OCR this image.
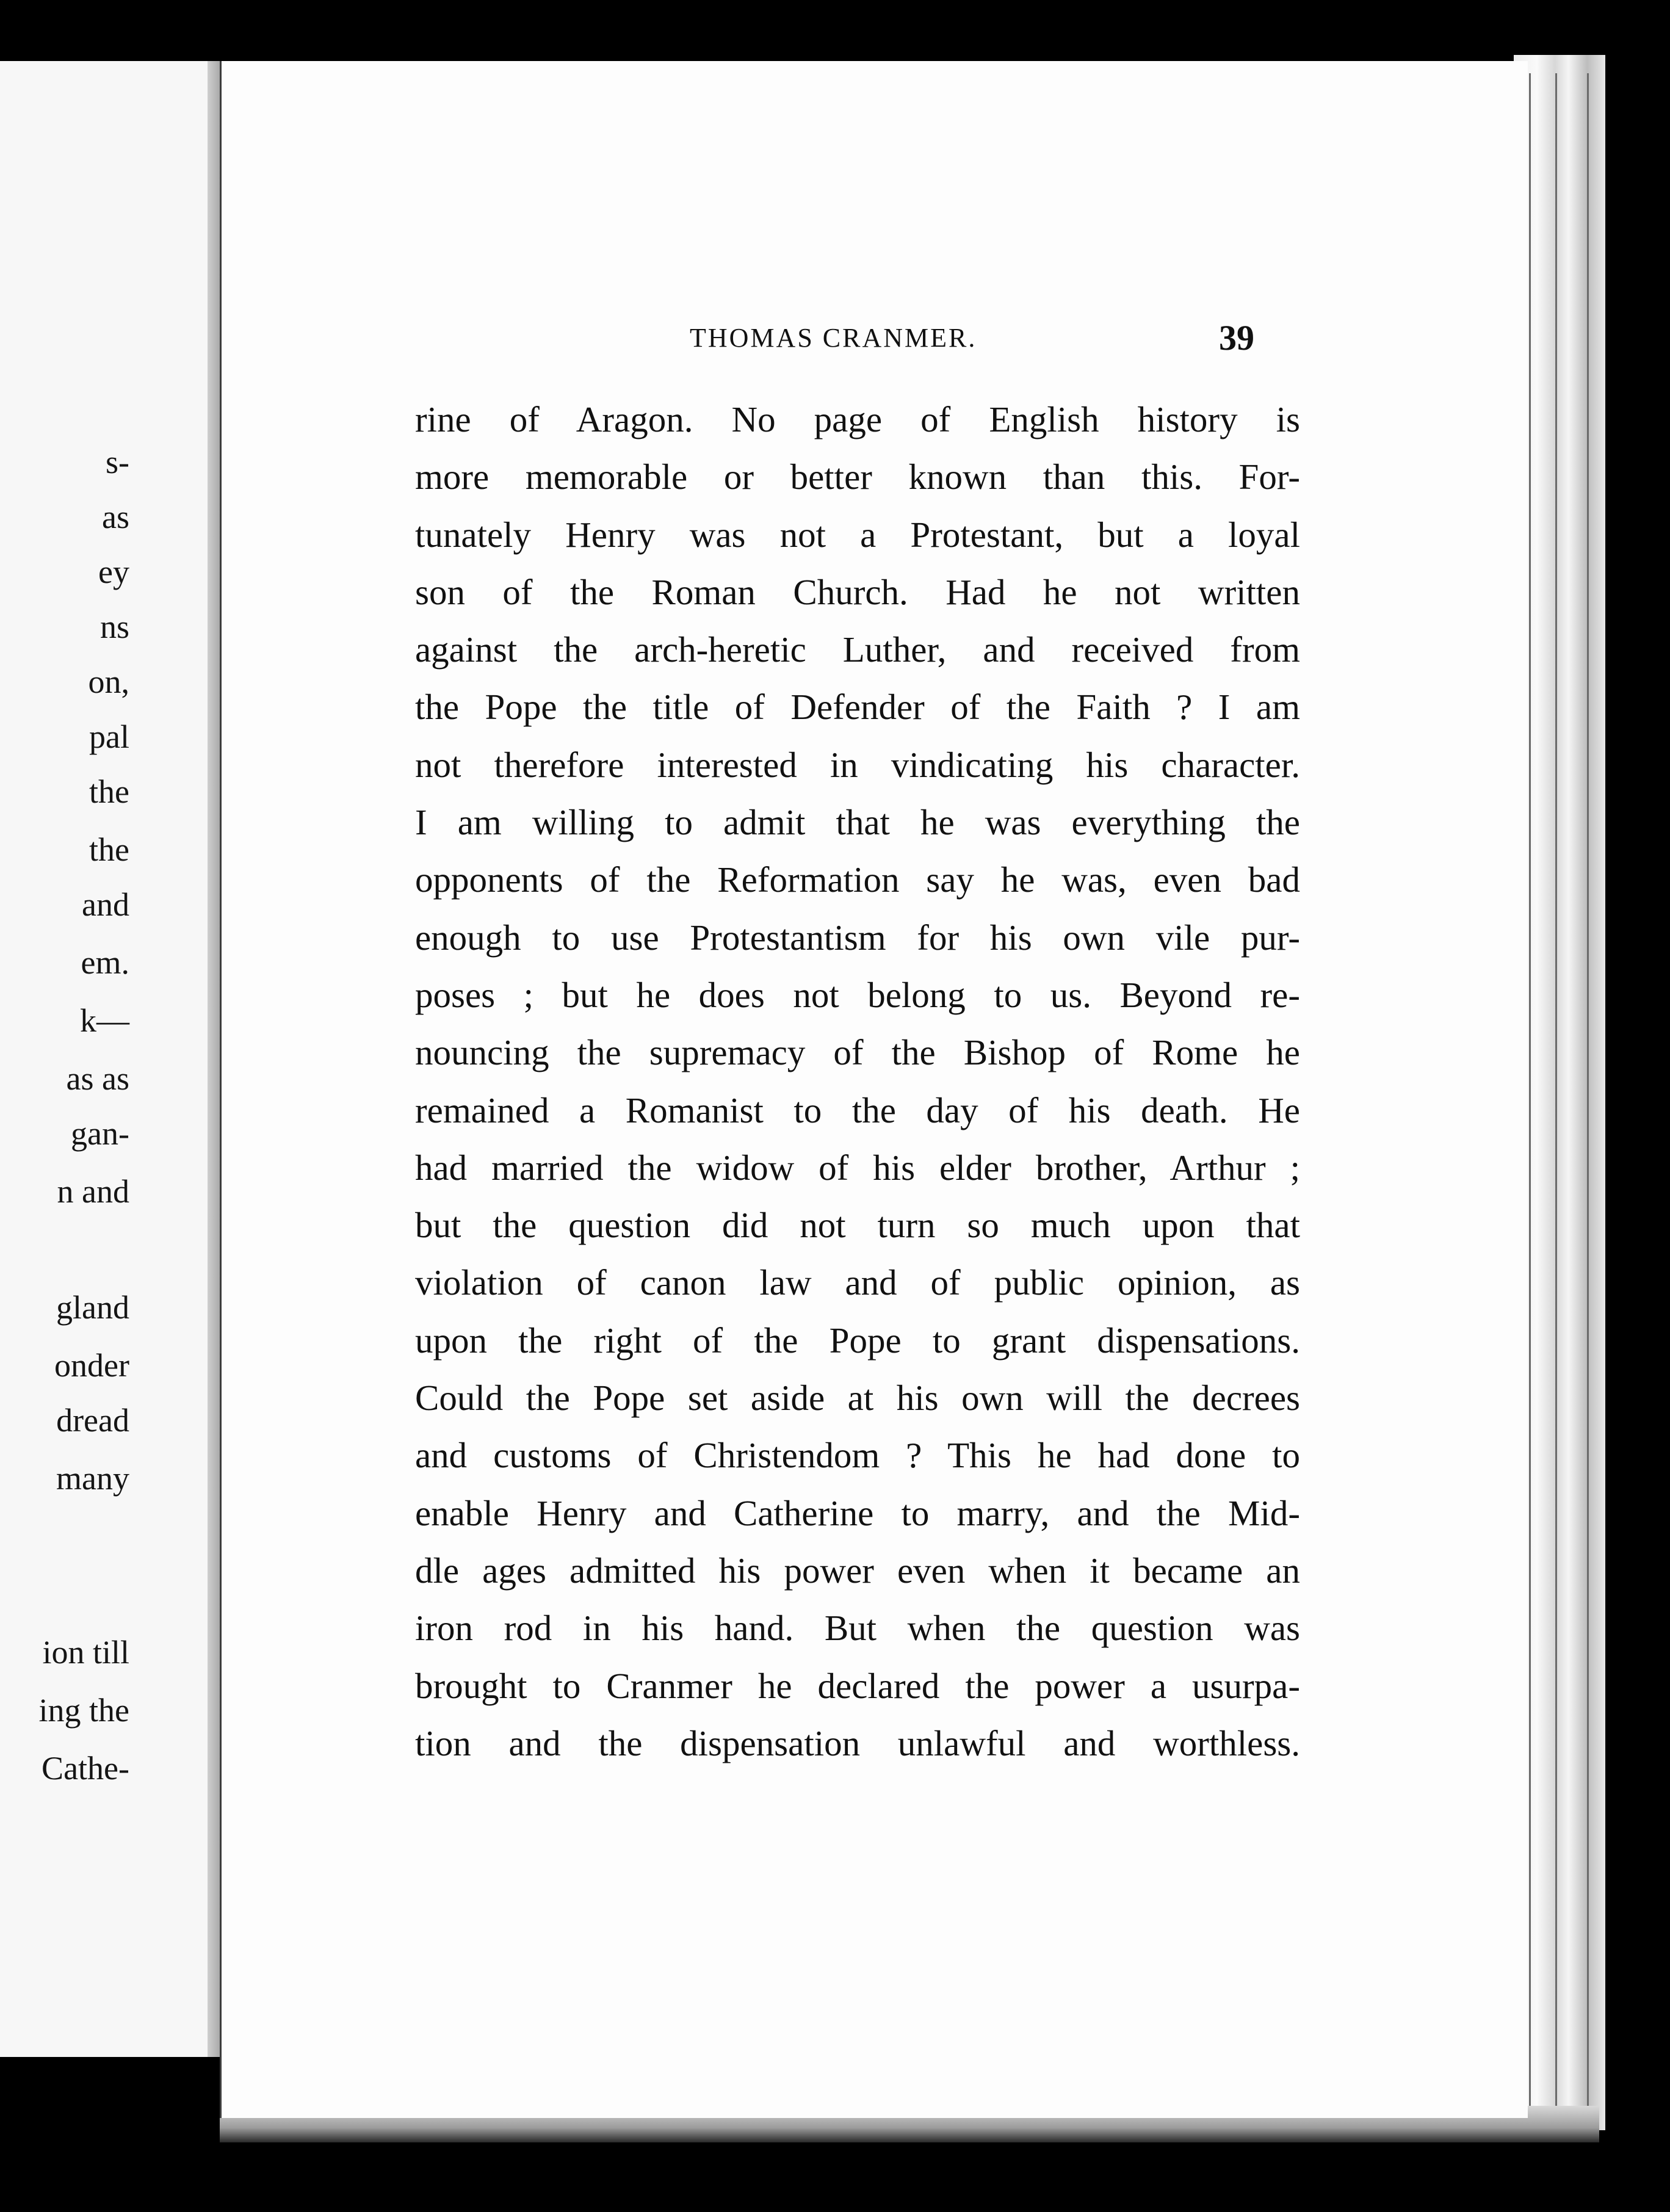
s-
as
ey
ns
on,
pal
the
the
and
em.
k—
as as
gan-
n and
gland
onder
dread
many
ion till
ing the
Cathe-
THOMAS CRANMER.	39
rine of Aragon. No page of English history is
more memorable or better known than this. For-
tunately Henry was not a Protestant, but a loyal
son of the Roman Church. Had he not written
against the arch-heretic Luther, and received from
the Pope the title of Defender of the Faith ? I am
not therefore interested in vindicating his character.
I am willing to admit that he was everything the
opponents of the Reformation say he was, even bad
enough to use Protestantism for his own vile pur-
poses ; but he does not belong to us. Beyond re-
nouncing the supremacy of the Bishop of Rome he
remained a Romanist to the day of his death. He
had married the widow of his elder brother, Arthur ;
but the question did not turn so much upon that
violation of canon law and of public opinion, as
upon the right of the Pope to grant dispensations.
Could the Pope set aside at his own will the decrees
and customs of Christendom ? This he had done to
enable Henry and Catherine to marry, and the Mid-
dle ages admitted his power even when it became an
iron rod in his hand. But when the question was
brought to Cranmer he declared the power a usurpa-
tion and the dispensation unlawful and worthless.
